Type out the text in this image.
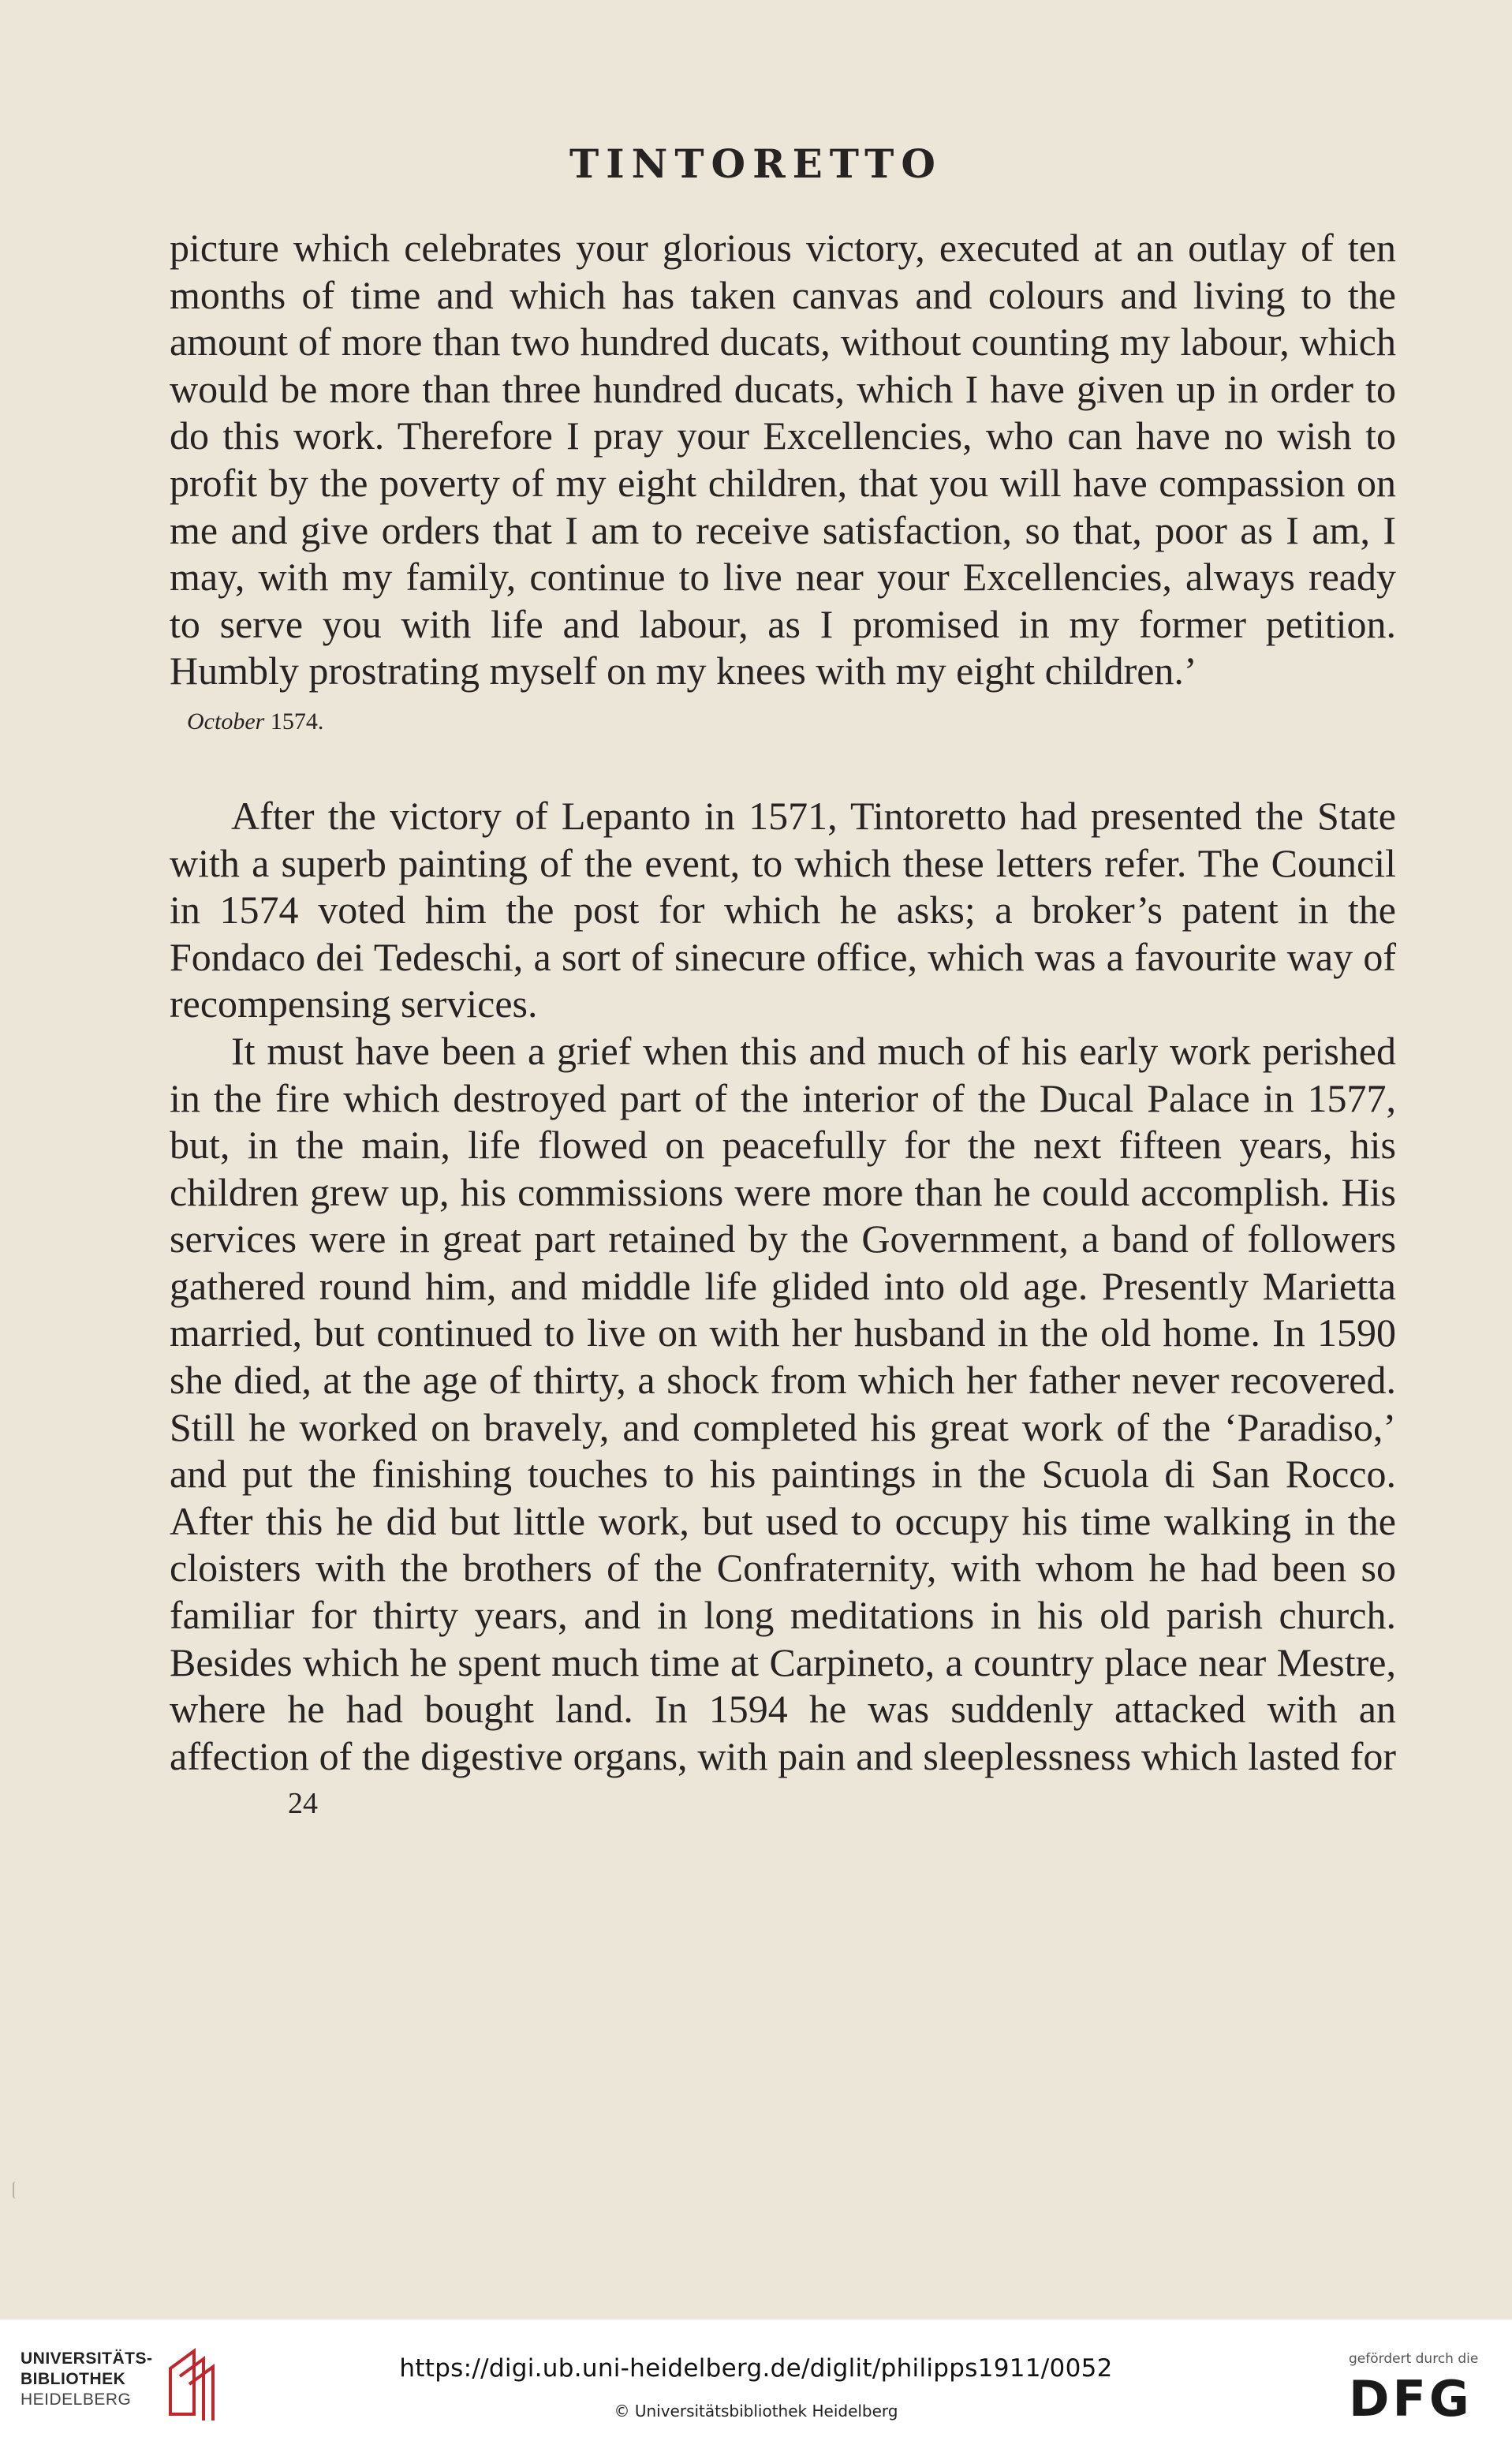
TINTORETTO

picture which celebrates your glorious victory, executed at an outlay of ten months of time and which has taken canvas and colours and living to the amount of more than two hundred ducats, without counting my labour, which would be more than three hundred ducats, which I have given up in order to do this work. Therefore I pray your Excellencies, who can have no wish to profit by the poverty of my eight children, that you will have compassion on me and give orders that I am to receive satisfaction, so that, poor as I am, I may, with my family, continue to live near your Excellencies, always ready to serve you with life and labour, as I promised in my former petition. Humbly prostrating myself on my knees with my eight children.’

October 1574.

After the victory of Lepanto in 1571, Tintoretto had presented the State with a superb painting of the event, to which these letters refer. The Council in 1574 voted him the post for which he asks; a broker’s patent in the Fondaco dei Tedeschi, a sort of sinecure office, which was a favourite way of recompensing services.

It must have been a grief when this and much of his early work perished in the fire which destroyed part of the interior of the Ducal Palace in 1577, but, in the main, life flowed on peacefully for the next fifteen years, his children grew up, his commissions were more than he could accomplish. His services were in great part retained by the Government, a band of followers gathered round him, and middle life glided into old age. Presently Marietta married, but continued to live on with her husband in the old home. In 1590 she died, at the age of thirty, a shock from which her father never recovered. Still he worked on bravely, and completed his great work of the ‘Paradiso,’ and put the finishing touches to his paintings in the Scuola di San Rocco. After this he did but little work, but used to occupy his time walking in the cloisters with the brothers of the Confraternity, with whom he had been so familiar for thirty years, and in long meditations in his old parish church. Besides which he spent much time at Carpineto, a country place near Mestre, where he had bought land. In 1594 he was suddenly attacked with an affection of the digestive organs, with pain and sleeplessness which lasted for

24

UNIVERSITÄTS-
BIBLIOTHEK
HEIDELBERG
https://digi.ub.uni-heidelberg.de/diglit/philipps1911/0052
© Universitätsbibliothek Heidelberg
gefördert durch die
DFG
